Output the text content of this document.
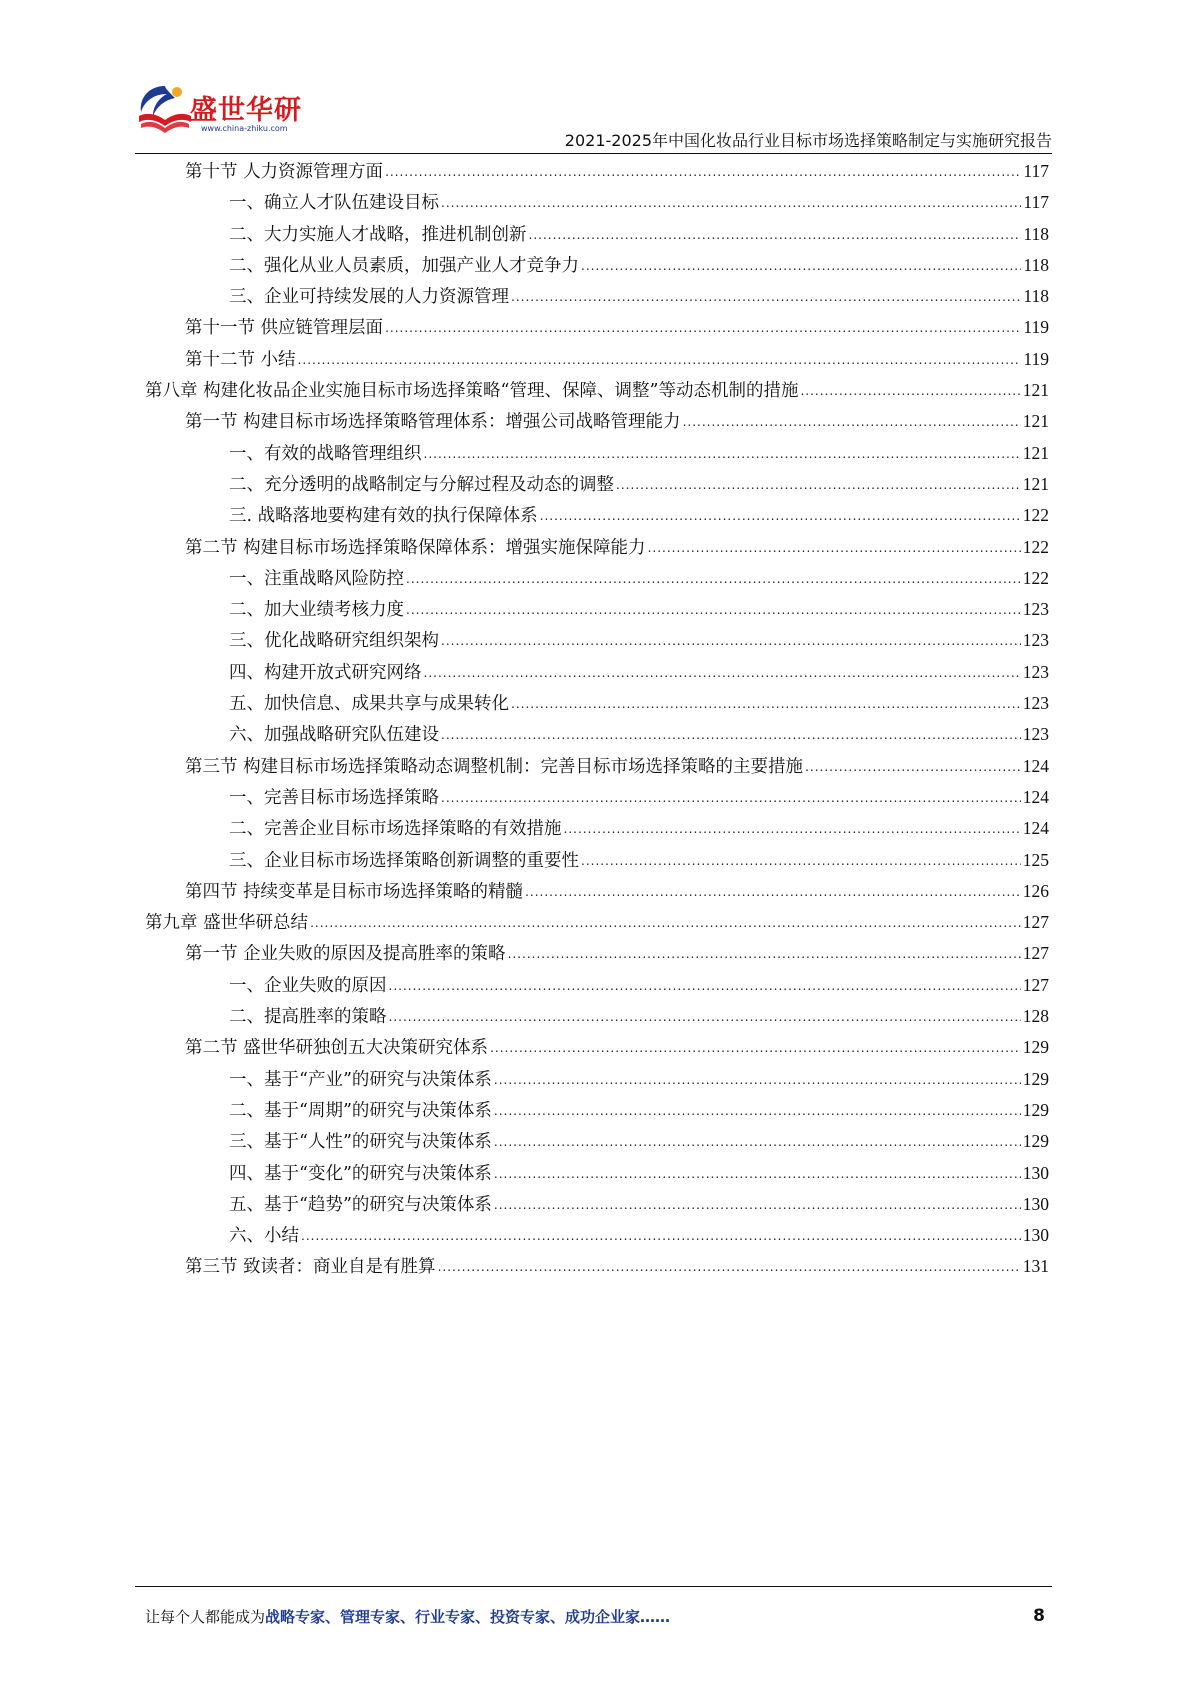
盛世华研
www.china-zhiku.com
2021-2025年中国化妆品行业目标市场选择策略制定与实施研究报告
第十节 人力资源管理方面 .....	117
一、确立人才队伍建设目标 .....	117
二、大力实施人才战略，推进机制创新 .....	118
二、强化从业人员素质，加强产业人才竞争力 .....	118
三、企业可持续发展的人力资源管理 .....	118
第十一节 供应链管理层面 .....	119
第十二节 小结 .....	119
第八章 构建化妆品企业实施目标市场选择策略“管理、保障、调整”等动态机制的措施 .....	121
第一节 构建目标市场选择策略管理体系：增强公司战略管理能力 .....	121
一、有效的战略管理组织 .....	121
二、充分透明的战略制定与分解过程及动态的调整 .....	121
三. 战略落地要构建有效的执行保障体系 .....	122
第二节 构建目标市场选择策略保障体系：增强实施保障能力 .....	122
一、注重战略风险防控 .....	122
二、加大业绩考核力度 .....	123
三、优化战略研究组织架构 .....	123
四、构建开放式研究网络 .....	123
五、加快信息、成果共享与成果转化 .....	123
六、加强战略研究队伍建设 .....	123
第三节 构建目标市场选择策略动态调整机制：完善目标市场选择策略的主要措施 .....	124
一、完善目标市场选择策略 .....	124
二、完善企业目标市场选择策略的有效措施 .....	124
三、企业目标市场选择策略创新调整的重要性 .....	125
第四节 持续变革是目标市场选择策略的精髓 .....	126
第九章 盛世华研总结 .....	127
第一节 企业失败的原因及提高胜率的策略 .....	127
一、企业失败的原因 .....	127
二、提高胜率的策略 .....	128
第二节 盛世华研独创五大决策研究体系 .....	129
一、基于“产业”的研究与决策体系 .....	129
二、基于“周期”的研究与决策体系 .....	129
三、基于“人性”的研究与决策体系 .....	129
四、基于“变化”的研究与决策体系 .....	130
五、基于“趋势”的研究与决策体系 .....	130
六、小结 .....	130
第三节 致读者：商业自是有胜算 .....	131
让每个人都能成为战略专家、管理专家、行业专家、投资专家、成功企业家……	8
